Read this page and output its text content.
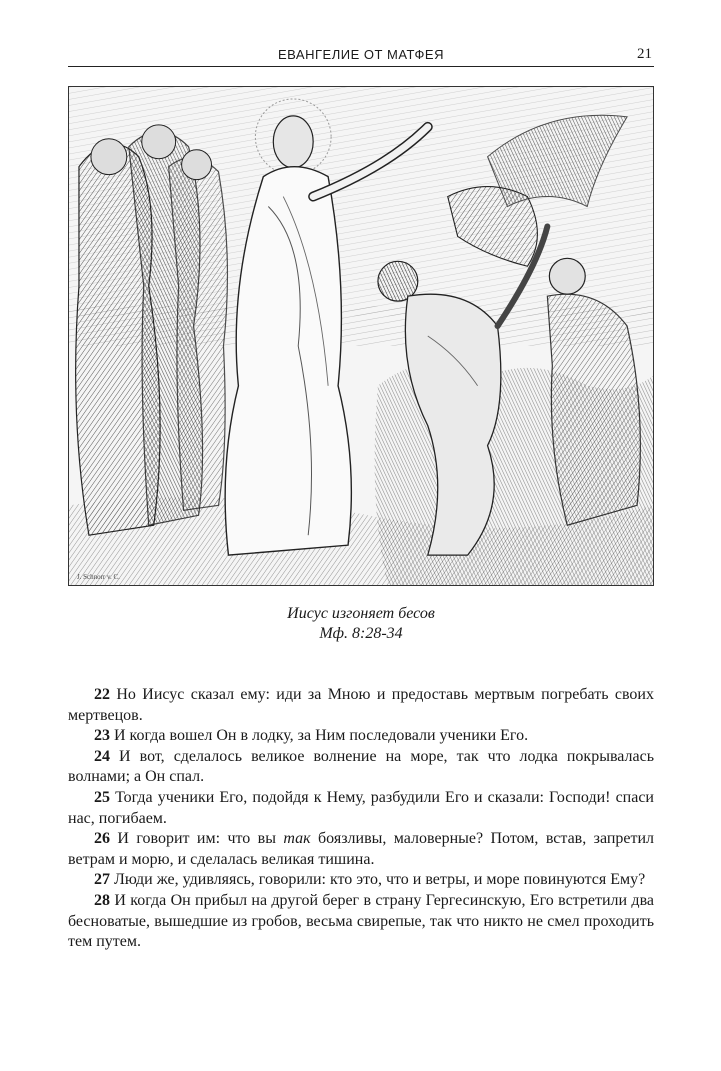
ЕВАНГЕЛИЕ ОТ МАТФЕЯ	21
J. Schnorr v. C.
Иисус изгоняет бесов
Мф. 8:28-34

22 Но Иисус сказал ему: иди за Мною и предоставь мертвым погребать своих мертвецов.

23 И когда вошел Он в лодку, за Ним последовали ученики Его.

24 И вот, сделалось великое волнение на море, так что лодка покрывалась волнами; а Он спал.

25 Тогда ученики Его, подойдя к Нему, разбудили Его и сказали: Господи! спаси нас, погибаем.

26 И говорит им: что вы так боязливы, маловерные? Потом, встав, запретил ветрам и морю, и сделалась великая тишина.

27 Люди же, удивляясь, говорили: кто это, что и ветры, и море повинуются Ему?

28 И когда Он прибыл на другой берег в страну Гергесинскую, Его встретили два бесноватые, вышедшие из гробов, весьма свирепые, так что никто не смел проходить тем путем.
